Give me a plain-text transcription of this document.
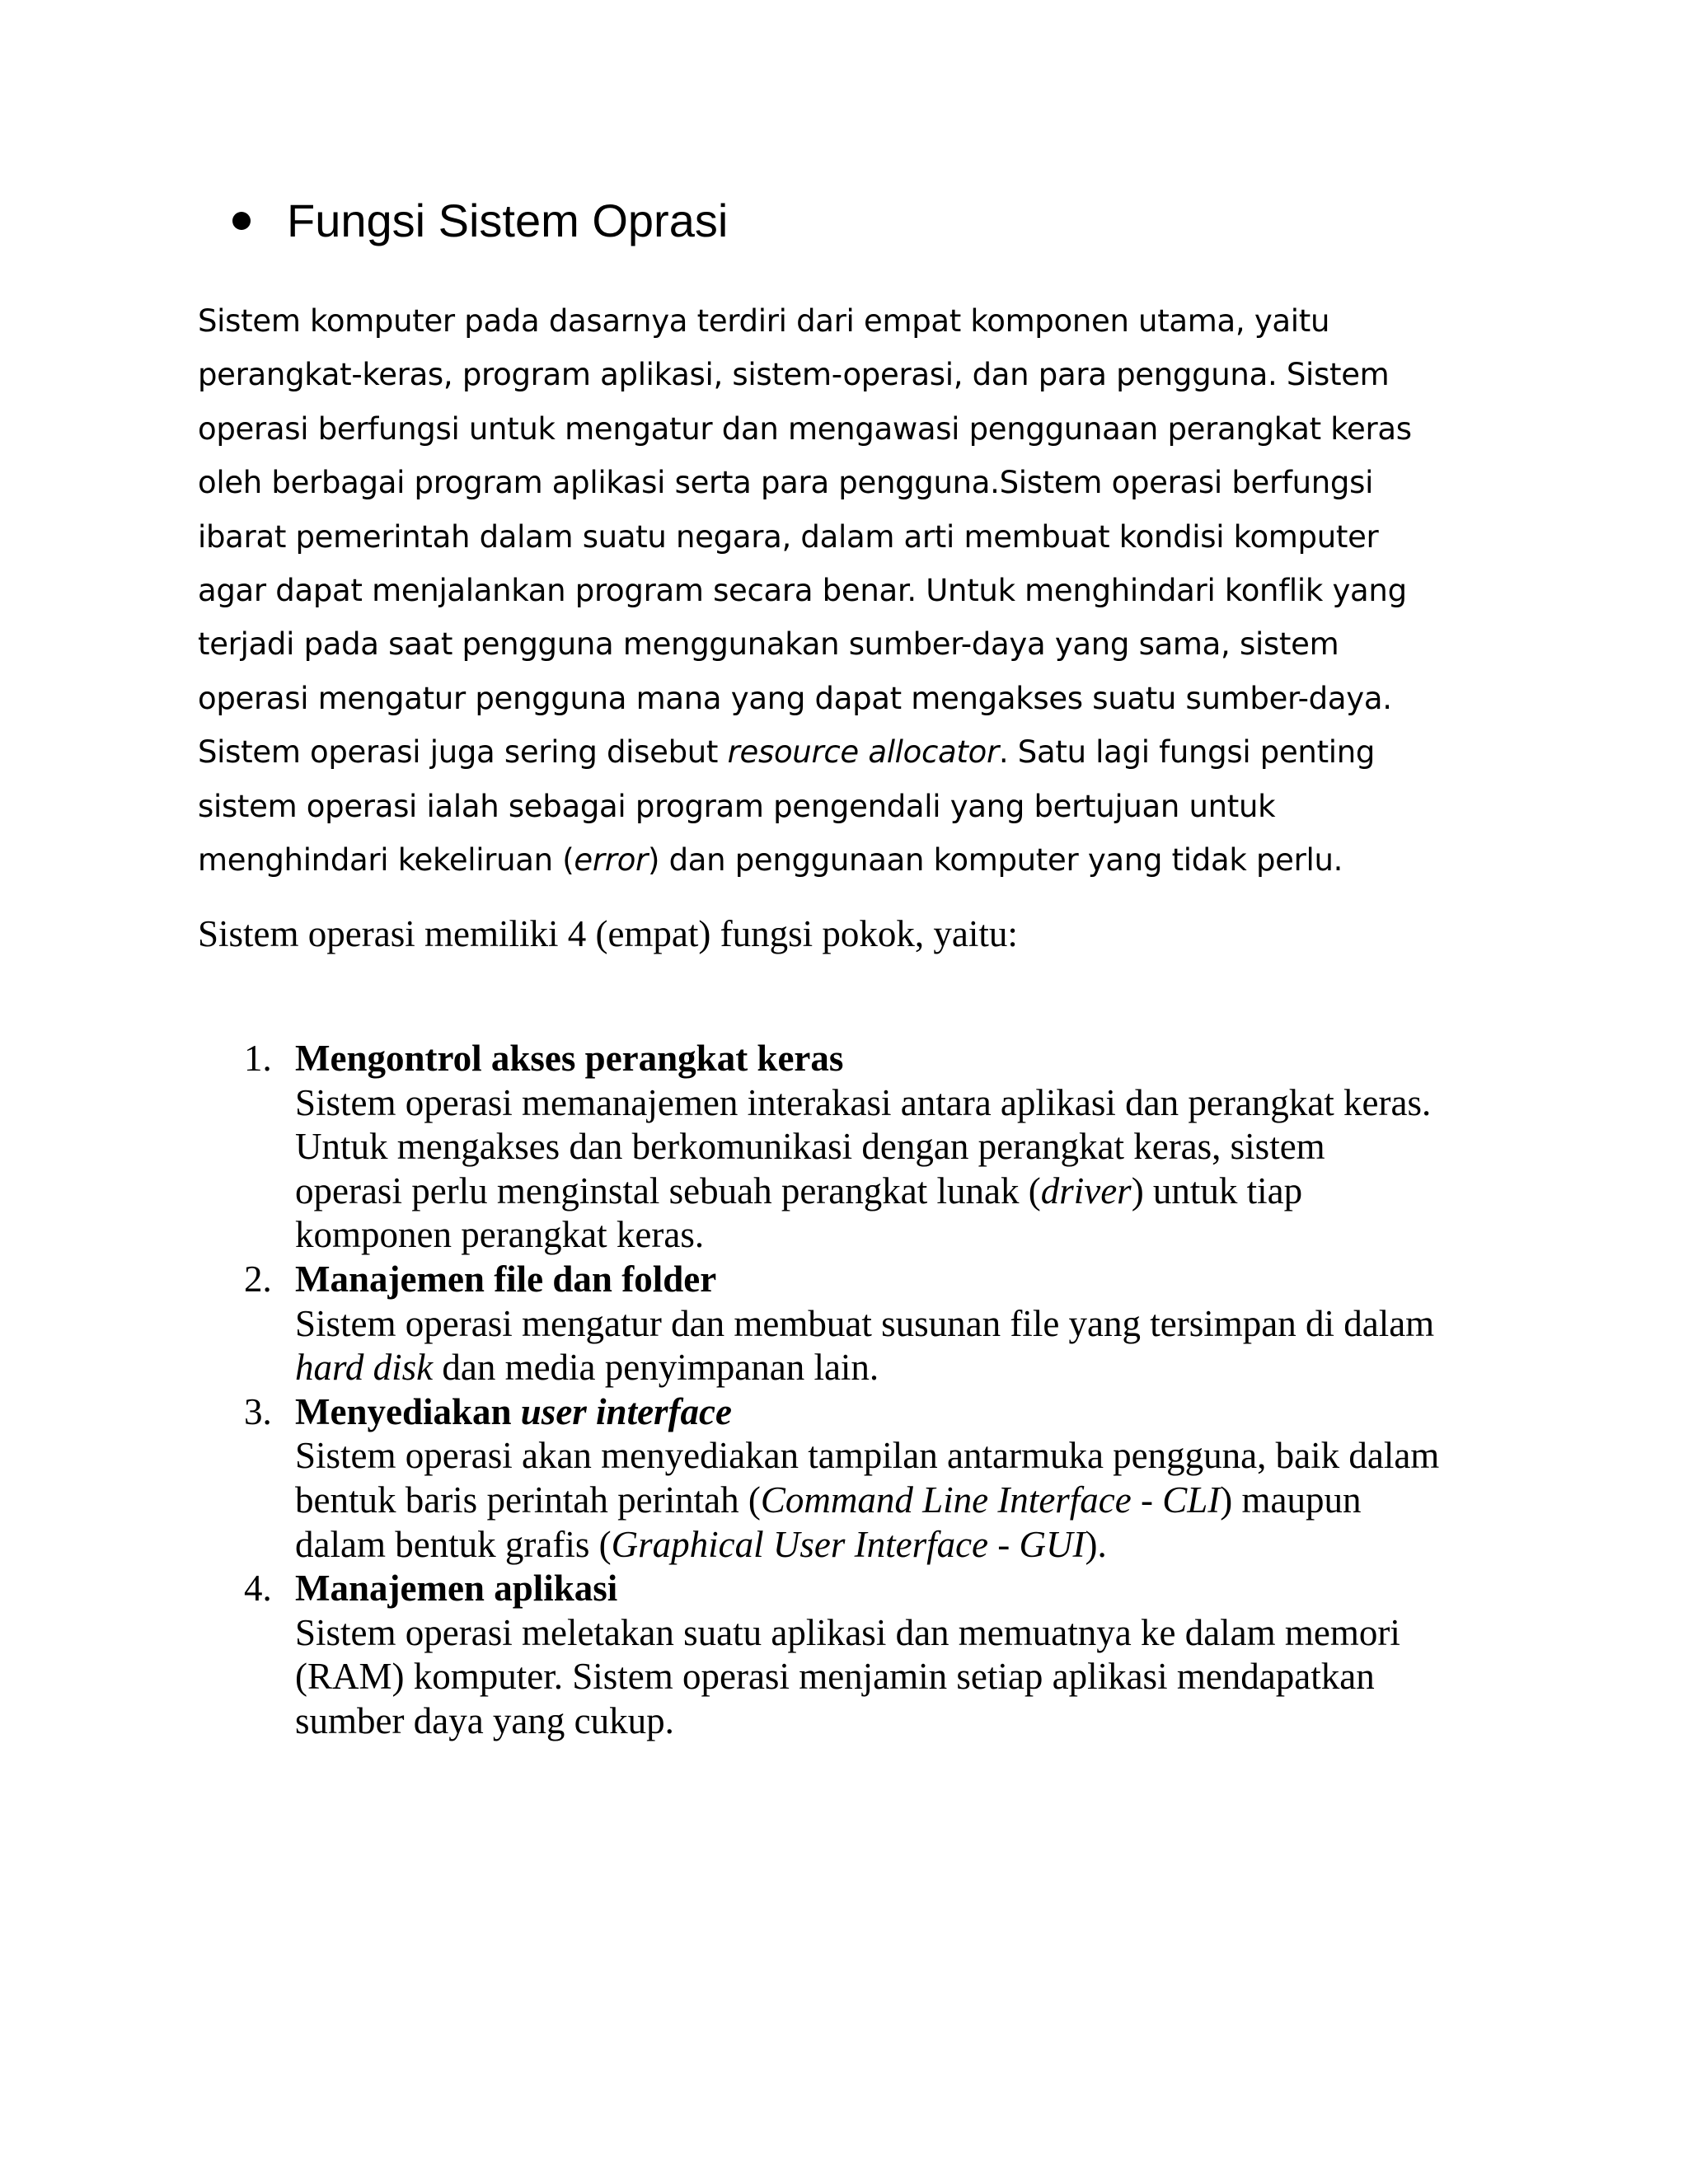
Fungsi Sistem Oprasi
Sistem komputer pada dasarnya terdiri dari empat komponen utama, yaitu
perangkat-keras, program aplikasi, sistem-operasi, dan para pengguna. Sistem
operasi berfungsi untuk mengatur dan mengawasi penggunaan perangkat keras
oleh berbagai program aplikasi serta para pengguna.Sistem operasi berfungsi
ibarat pemerintah dalam suatu negara, dalam arti membuat kondisi komputer
agar dapat menjalankan program secara benar. Untuk menghindari konflik yang
terjadi pada saat pengguna menggunakan sumber-daya yang sama, sistem
operasi mengatur pengguna mana yang dapat mengakses suatu sumber-daya.
Sistem operasi juga sering disebut resource allocator. Satu lagi fungsi penting
sistem operasi ialah sebagai program pengendali yang bertujuan untuk
menghindari kekeliruan (error) dan penggunaan komputer yang tidak perlu.
Sistem operasi memiliki 4 (empat) fungsi pokok, yaitu:
1. Mengontrol akses perangkat keras
Sistem operasi memanajemen interakasi antara aplikasi dan perangkat keras.
Untuk mengakses dan berkomunikasi dengan perangkat keras, sistem
operasi perlu menginstal sebuah perangkat lunak (driver) untuk tiap
komponen perangkat keras.
2. Manajemen file dan folder
Sistem operasi mengatur dan membuat susunan file yang tersimpan di dalam
hard disk dan media penyimpanan lain.
3. Menyediakan user interface
Sistem operasi akan menyediakan tampilan antarmuka pengguna, baik dalam
bentuk baris perintah perintah (Command Line Interface - CLI) maupun
dalam bentuk grafis (Graphical User Interface - GUI).
4. Manajemen aplikasi
Sistem operasi meletakan suatu aplikasi dan memuatnya ke dalam memori
(RAM) komputer. Sistem operasi menjamin setiap aplikasi mendapatkan
sumber daya yang cukup.
